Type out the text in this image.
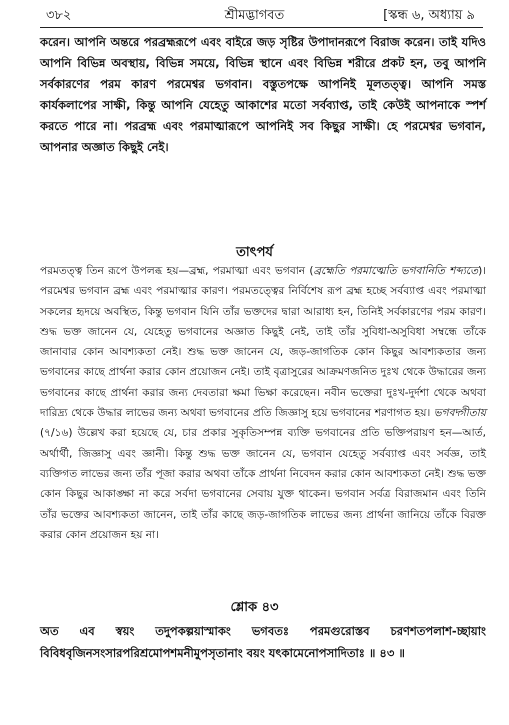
৩৮২	শ্রীমদ্ভাগবত	[স্কন্ধ ৬, অধ্যায় ৯

করেন। আপনি অন্তরে পরব্রহ্মরূপে এবং বাইরে জড় সৃষ্টির উপাদানরূপে বিরাজ করেন। তাই যদিও আপনি বিভিন্ন অবস্থায়, বিভিন্ন সময়ে, বিভিন্ন স্থানে এবং বিভিন্ন শরীরে প্রকট হন, তবু আপনি সর্বকারণের পরম কারণ পরমেশ্বর ভগবান। বস্তুতপক্ষে আপনিই মূলতত্ত্ব। আপনি সমস্ত কার্যকলাপের সাক্ষী, কিন্তু আপনি যেহেতু আকাশের মতো সর্বব্যাপ্ত, তাই কেউই আপনাকে স্পর্শ করতে পারে না। পরব্রহ্ম এবং পরমাত্মারূপে আপনিই সব কিছুর সাক্ষী। হে পরমেশ্বর ভগবান, আপনার অজ্ঞাত কিছুই নেই।

তাৎপর্য

পরমতত্ত্ব তিন রূপে উপলব্ধ হয়—ব্রহ্ম, পরমাত্মা এবং ভগবান (ব্রহ্মেতি পরমাত্মেতি ভগবানিতি শব্দ্যতে)। পরমেশ্বর ভগবান ব্রহ্ম এবং পরমাত্মার কারণ। পরমতত্ত্বের নির্বিশেষ রূপ ব্রহ্ম হচ্ছে সর্বব্যাপ্ত এবং পরমাত্মা সকলের হৃদয়ে অবস্থিত, কিন্তু ভগবান যিনি তাঁর ভক্তদের দ্বারা আরাধ্য হন, তিনিই সর্বকারণের পরম কারণ। শুদ্ধ ভক্ত জানেন যে, যেহেতু ভগবানের অজ্ঞাত কিছুই নেই, তাই তাঁর সুবিধা-অসুবিধা সম্বন্ধে তাঁকে জানাবার কোন আবশ্যকতা নেই। শুদ্ধ ভক্ত জানেন যে, জড়-জাগতিক কোন কিছুর আবশ্যকতার জন্য ভগবানের কাছে প্রার্থনা করার কোন প্রয়োজন নেই। তাই বৃত্রাসুরের আক্রমণজনিত দুঃখ থেকে উদ্ধারের জন্য ভগবানের কাছে প্রার্থনা করার জন্য দেবতারা ক্ষমা ভিক্ষা করেছেন। নবীন ভক্তেরা দুঃখ-দুর্দশা থেকে অথবা দারিদ্র্য থেকে উদ্ধার লাভের জন্য অথবা ভগবানের প্রতি জিজ্ঞাসু হয়ে ভগবানের শরণাগত হয়। ভগবদ্গীতায় (৭/১৬) উল্লেখ করা হয়েছে যে, চার প্রকার সুকৃতিসম্পন্ন ব্যক্তি ভগবানের প্রতি ভক্তিপরায়ণ হন—আর্ত, অর্থার্থী, জিজ্ঞাসু এবং জ্ঞানী। কিন্তু শুদ্ধ ভক্ত জানেন যে, ভগবান যেহেতু সর্বব্যাপ্ত এবং সর্বজ্ঞ, তাই ব্যক্তিগত লাভের জন্য তাঁর পূজা করার অথবা তাঁকে প্রার্থনা নিবেদন করার কোন আবশ্যকতা নেই। শুদ্ধ ভক্ত কোন কিছুর আকাঙ্ক্ষা না করে সর্বদা ভগবানের সেবায় যুক্ত থাকেন। ভগবান সর্বত্র বিরাজমান এবং তিনি তাঁর ভক্তের আবশ্যকতা জানেন, তাই তাঁর কাছে জড়-জাগতিক লাভের জন্য প্রার্থনা জানিয়ে তাঁকে বিরক্ত করার কোন প্রয়োজন হয় না।

শ্লোক ৪৩

অত এব স্বয়ং তদুপকল্পয়াস্মাকং ভগবতঃ পরমগুরোস্তব চরণশতপলাশ-চ্ছায়াং বিবিধবৃজিনসংসারপরিশ্রমোপশমনীমুপসৃতানাং বয়ং যৎকামেনোপসাদিতাঃ ॥ ৪৩ ॥
